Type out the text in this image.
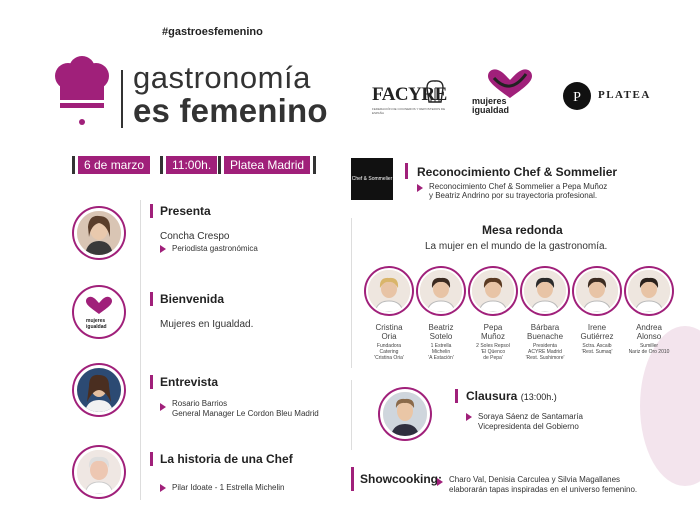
#gastroesfemenino
gastronomía
es femenino FACYRE
FEDERACIÓN DE COCINEROS Y REPOSTEROS DE ESPAÑA
mujeres
igualdad
P PLATEA
6 de marzo	11:00h.	Platea Madrid
Presenta
Concha Crespo
Periodista gastronómica
mujeres
igualdad
Bienvenida
Mujeres en Igualdad.
Entrevista
Rosario Barrios
General Manager Le Cordon Bleu Madrid
La historia de una Chef
Pilar Idoate - 1 Estrella Michelin
Chef & Sommelier Reconocimiento Chef & Sommelier
Reconocimiento Chef & Sommelier a Pepa Muñoz
y Beatriz Andrino por su trayectoria profesional.
Mesa redonda
La mujer en el mundo de la gastronomía.
Cristina
Oria
Fundadora
Catering
'Cristina Oria'
Beatriz
Sotelo
1 Estrella
Michelin
'A Estación'
Pepa
Muñoz
2 Soles Repsol
'El Qüenco
de Pepa'
Bárbara
Buenache
Presidenta
ACYRE Madrid
'Rest. Sushimore'
Irene
Gutiérrez
Sctra. Ascaib
'Rest. Sumaq'
Andrea
Alonso
Sumiller
Nariz de Oro 2010
Clausura (13:00h.)
Soraya Sáenz de Santamaría
Vicepresidenta del Gobierno
Showcooking: Charo Val, Denisia Carculea y Silvia Magallanes
elaborarán tapas inspiradas en el universo femenino.
